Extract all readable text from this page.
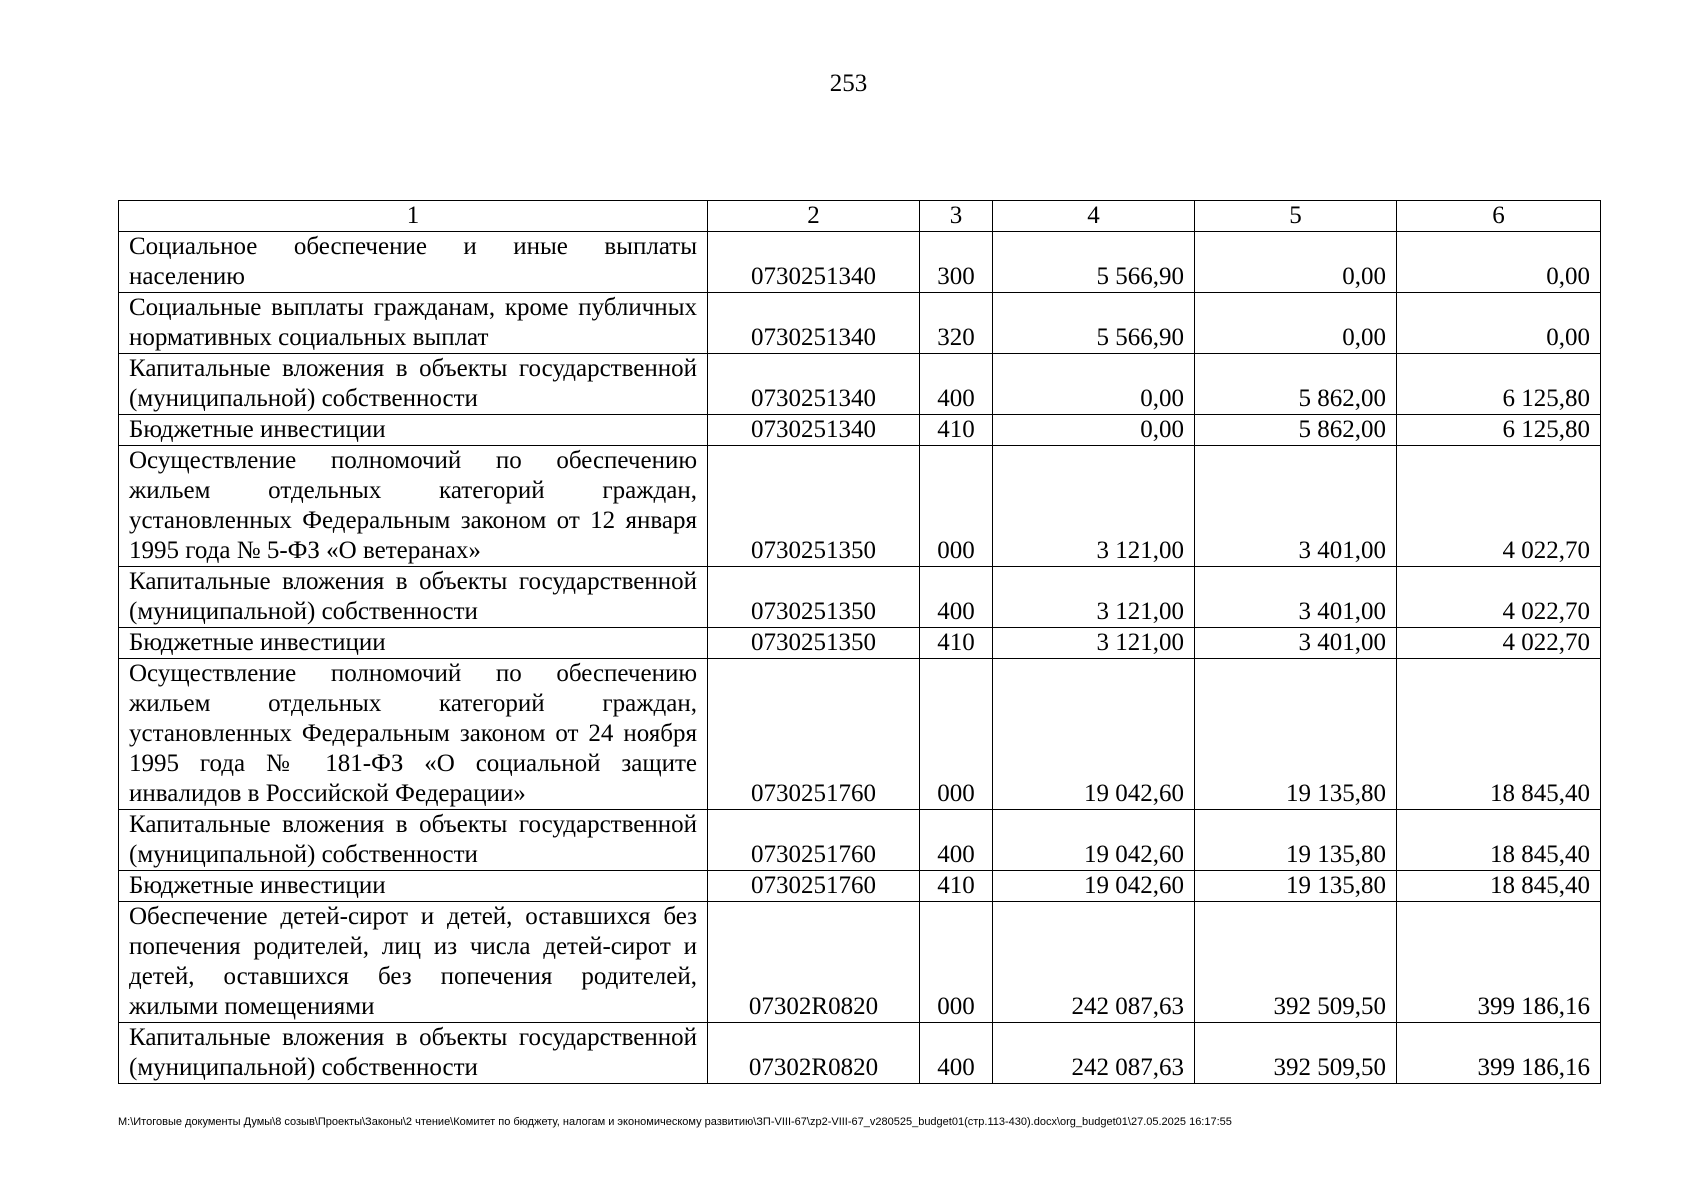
253
1	2	3	4	5	6
Социальное обеспечение и иные выплаты населению	0730251340	300	5 566,90	0,00	0,00
Социальные выплаты гражданам, кроме публичных нормативных социальных выплат	0730251340	320	5 566,90	0,00	0,00
Капитальные вложения в объекты государственной (муниципальной) собственности	0730251340	400	0,00	5 862,00	6 125,80
Бюджетные инвестиции	0730251340	410	0,00	5 862,00	6 125,80
Осуществление полномочий по обеспечению жильем отдельных категорий граждан, установленных Федеральным законом от 12 января 1995 года № 5-ФЗ «О ветеранах»	0730251350	000	3 121,00	3 401,00	4 022,70
Капитальные вложения в объекты государственной (муниципальной) собственности	0730251350	400	3 121,00	3 401,00	4 022,70
Бюджетные инвестиции	0730251350	410	3 121,00	3 401,00	4 022,70
Осуществление полномочий по обеспечению жильем отдельных категорий граждан, установленных Федеральным законом от 24 ноября 1995 года № 181-ФЗ «О социальной защите инвалидов в Российской Федерации»	0730251760	000	19 042,60	19 135,80	18 845,40
Капитальные вложения в объекты государственной (муниципальной) собственности	0730251760	400	19 042,60	19 135,80	18 845,40
Бюджетные инвестиции	0730251760	410	19 042,60	19 135,80	18 845,40
Обеспечение детей-сирот и детей, оставшихся без попечения родителей, лиц из числа детей-сирот и детей, оставшихся без попечения родителей, жилыми помещениями	07302R0820	000	242 087,63	392 509,50	399 186,16
Капитальные вложения в объекты государственной (муниципальной) собственности	07302R0820	400	242 087,63	392 509,50	399 186,16
M:\Итоговые документы Думы\8 созыв\Проекты\Законы\2 чтение\Комитет по бюджету, налогам и экономическому развитию\ЗП-VIII-67\zp2-VIII-67_v280525_budget01(стр.113-430).docx\org_budget01\27.05.2025 16:17:55
